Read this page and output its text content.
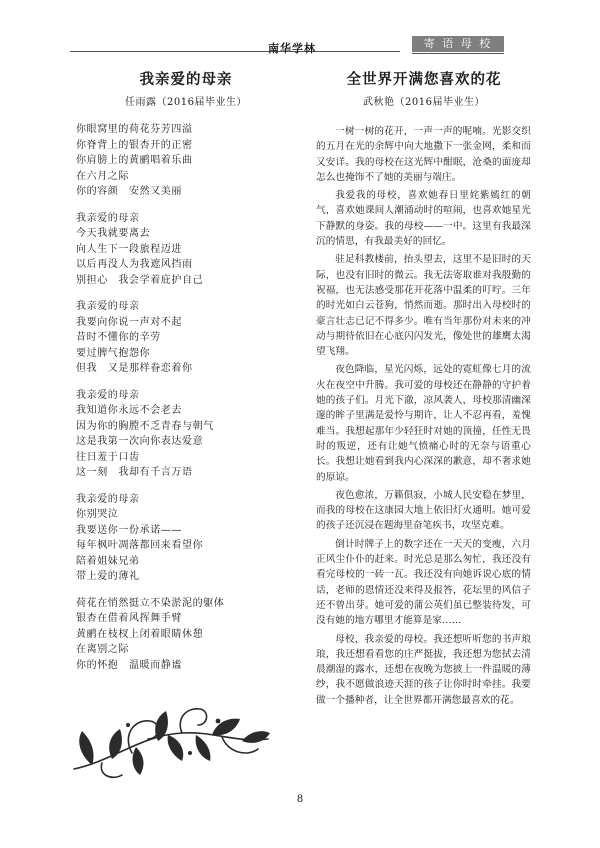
南华学林	寄 语 母 校
我亲爱的母亲
任雨露（2016届毕业生）
你眼窝里的荷花芬芳四溢
你脊背上的银杏开的正密
你肩膀上的黄鹂唱着乐曲
在六月之际
你的容颜　安然又美丽
我亲爱的母亲
今天我就要离去
向人生下一段旅程迈进
以后再没人为我遮风挡雨
别担心　我会学着庇护自己
我亲爱的母亲
我要向你说一声对不起
昔时不懂你的辛劳
要过脾气抱怨你
但我　又是那样眷恋着你
我亲爱的母亲
我知道你永远不会老去
因为你的胸膛不乏青春与朝气
这是我第一次向你表达爱意
往日羞于口齿
这一刻　我却有千言万语
我亲爱的母亲
你别哭泣
我要送你一份承诺——
每年枫叶凋落都回来看望你
陪着姐妹兄弟
带上爱的薄礼
荷花在悄然挺立不染淤泥的躯体
银杏在借着风挥舞手臂
黄鹂在枝杈上闭着眼睛休憩
在离别之际
你的怀抱　温暖而静谧
全世界开满您喜欢的花
武秋艳（2016届毕业生）

一树一树的花开，一声一声的呢喃。光影交织的五月在光的余辉中向大地撒下一张金网，柔和而又安详。我的母校在这光辉中酣眠，沧桑的面庞却怎么也掩饰不了她的美丽与端庄。

我爱我的母校，喜欢她春日里姹紫嫣红的朝气，喜欢她课间人潮涌动时的喧闹，也喜欢她星光下静默的身姿。我的母校——一中。这里有我最深沉的情思，有我最美好的回忆。

驻足科教楼前，抬头望去，这里不是旧时的天际，也没有旧时的微云。我无法寄取谁对我殷勤的祝福，也无法感受那花开花落中温柔的叮咛。三年的时光如白云苍狗，悄然而逝。那时出入母校时的豪言壮志已记不得多少。唯有当年那份对未来的冲动与期待依旧在心底闪闪发光，像处世的雄鹰太渴望飞翔。

夜色降临，星光闪烁，远处的霓虹像七月的流火在夜空中升腾。我可爱的母校还在静静的守护着她的孩子们。月光下澈，凉风袭人，母校那清幽深邃的眸子里满是爱怜与期许，让人不忍再看，羞愧难当。我想起那年少轻狂时对她的顶撞，任性无畏时的叛逆，还有让她气愤痛心时的无奈与语重心长。我想让她看到我内心深深的歉意，却不奢求她的原谅。

夜色愈浓，万籁俱寂，小城人民安稳在梦里，而我的母校在这康园大地上依旧灯火通明。她可爱的孩子还沉浸在题海里奋笔疾书，攻坚克难。

倒计时牌子上的数字还在一天天的变瘦，六月正风尘仆仆的赶来。时光总是那么匆忙，我还没有看完母校的一砖一瓦。我还没有向她诉说心底的情话，老师的恩情还没来得及报答，花坛里的风信子还不曾出芽。她可爱的蒲公英们虽已整装待发，可没有她的地方哪里才能算是家……

母校，我亲爱的母校。我还想听听您的书声琅琅，我还想看看您的庄严挺拔，我还想为您拭去清晨潮湿的露水，还想在夜晚为您披上一件温暖的薄纱，我不愿做浪迹天涯的孩子让你时时牵挂。我要做一个播种者，让全世界都开满您最喜欢的花。

8
